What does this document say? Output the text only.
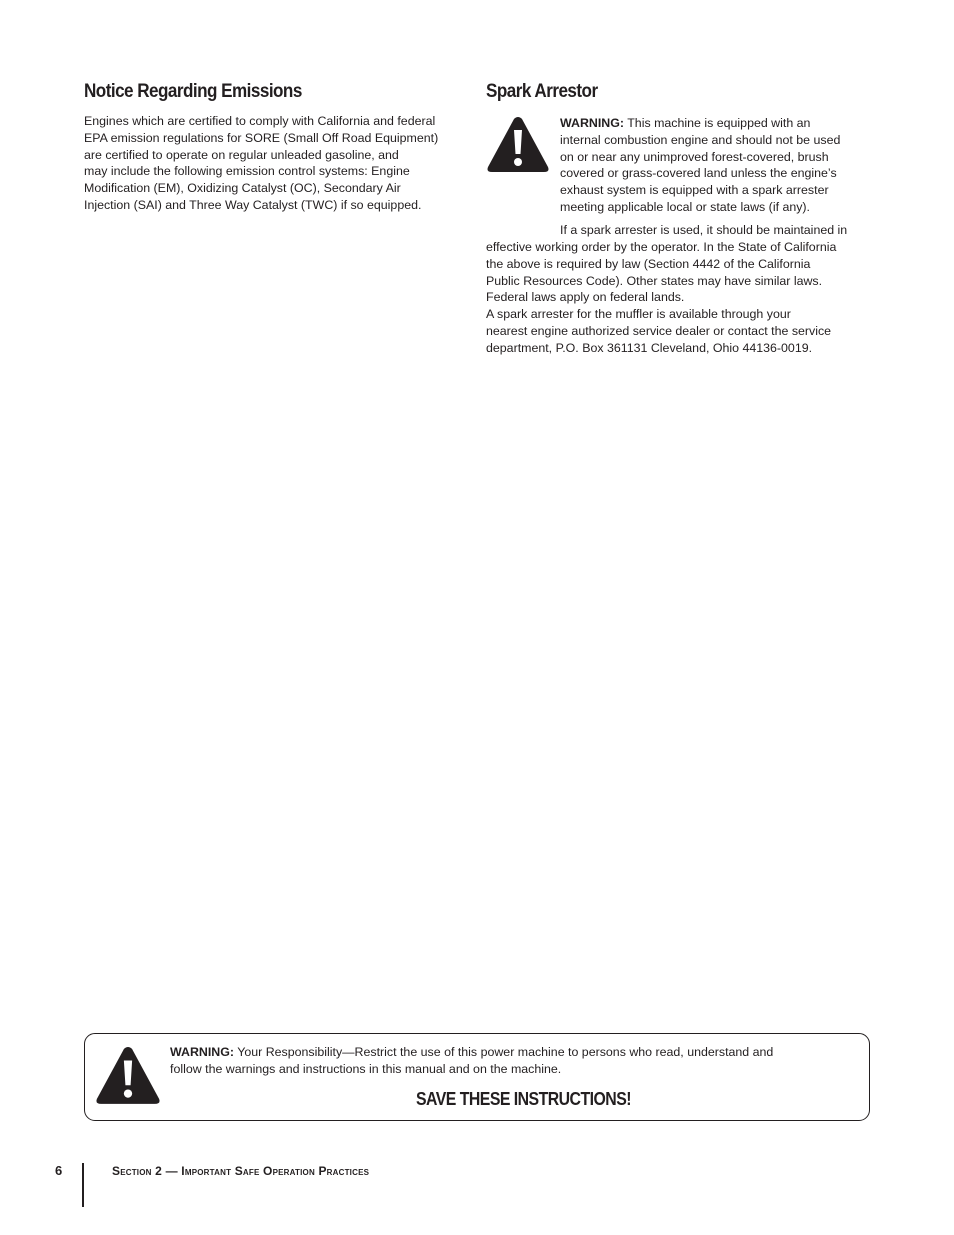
Notice Regarding Emissions

Engines which are certified to comply with California and federal
EPA emission regulations for SORE (Small Off Road Equipment)
are certified to operate on regular unleaded gasoline, and
may include the following emission control systems: Engine
Modification (EM), Oxidizing Catalyst (OC), Secondary Air
Injection (SAI) and Three Way Catalyst (TWC) if so equipped.

Spark Arrestor

WARNING: This machine is equipped with an
internal combustion engine and should not be used
on or near any unimproved forest-covered, brush
covered or grass-covered land unless the engine’s
exhaust system is equipped with a spark arrester
meeting applicable local or state laws (if any).

If a spark arrester is used, it should be maintained in

effective working order by the operator. In the State of California
the above is required by law (Section 4442 of the California
Public Resources Code). Other states may have similar laws.
Federal laws apply on federal lands.
A spark arrester for the muffler is available through your
nearest engine authorized service dealer or contact the service
department, P.O. Box 361131 Cleveland, Ohio 44136-0019.

WARNING: Your Responsibility—Restrict the use of this power machine to persons who read, understand and
follow the warnings and instructions in this manual and on the machine.

SAVE THESE INSTRUCTIONS!

6	Section 2 — Important Safe Operation Practices
